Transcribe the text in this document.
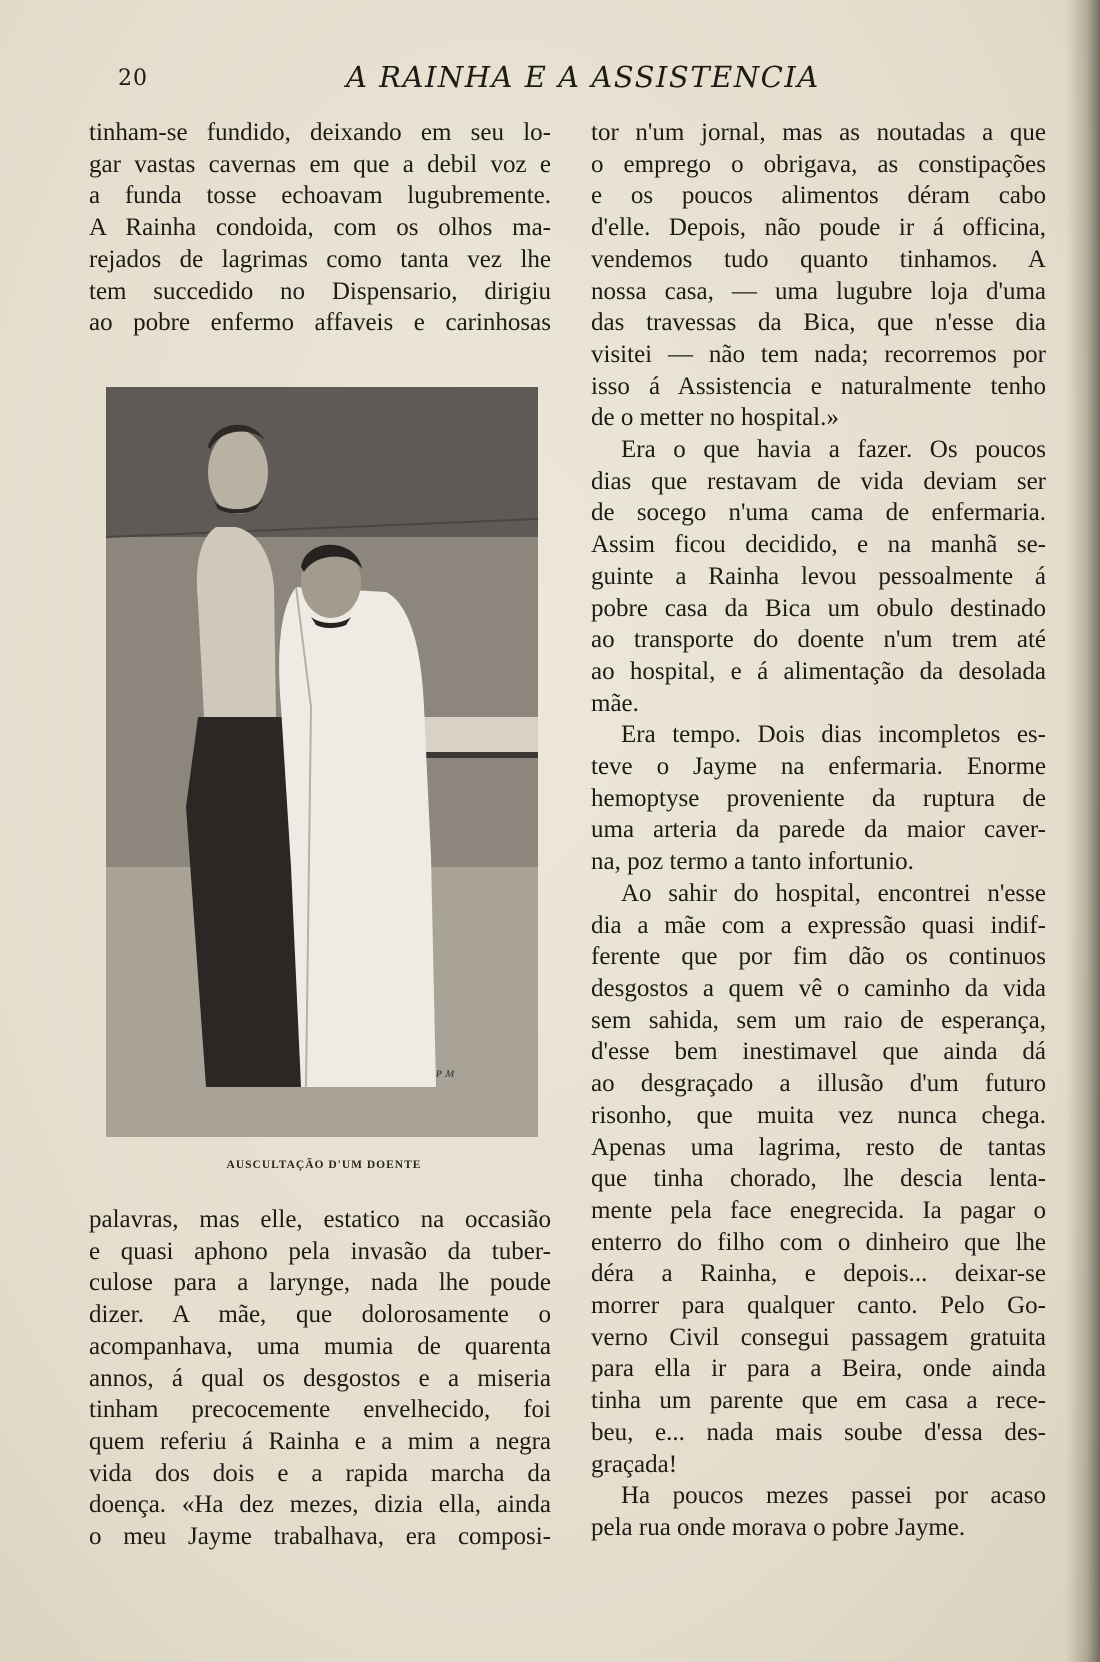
20	A RAINHA E A ASSISTENCIA
tinham-se fundido, deixando em seu lo-
gar vastas cavernas em que a debil voz e
a funda tosse echoavam lugubremente.
A Rainha condoida, com os olhos ma-
rejados de lagrimas como tanta vez lhe
tem succedido no Dispensario, dirigiu
ao pobre enfermo affaveis e carinhosas
ᴘ ᴍ
AUSCULTAÇÃO D'UM DOENTE
palavras, mas elle, estatico na occasião
e quasi aphono pela invasão da tuber-
culose para a larynge, nada lhe poude
dizer. A mãe, que dolorosamente o
acompanhava, uma mumia de quarenta
annos, á qual os desgostos e a miseria
tinham precocemente envelhecido, foi
quem referiu á Rainha e a mim a negra
vida dos dois e a rapida marcha da
doença. «Ha dez mezes, dizia ella, ainda
o meu Jayme trabalhava, era composi-

tor n'um jornal, mas as noutadas a que
o emprego o obrigava, as constipações
e os poucos alimentos déram cabo
d'elle. Depois, não poude ir á officina,
vendemos tudo quanto tinhamos. A
nossa casa, — uma lugubre loja d'uma
das travessas da Bica, que n'esse dia
visitei — não tem nada; recorremos por
isso á Assistencia e naturalmente tenho
de o metter no hospital.»

Era o que havia a fazer. Os poucos
dias que restavam de vida deviam ser
de socego n'uma cama de enfermaria.
Assim ficou decidido, e na manhã se-
guinte a Rainha levou pessoalmente á
pobre casa da Bica um obulo destinado
ao transporte do doente n'um trem até
ao hospital, e á alimentação da desolada
mãe.

Era tempo. Dois dias incompletos es-
teve o Jayme na enfermaria. Enorme
hemoptyse proveniente da ruptura de
uma arteria da parede da maior caver-
na, poz termo a tanto infortunio.

Ao sahir do hospital, encontrei n'esse
dia a mãe com a expressão quasi indif-
ferente que por fim dão os continuos
desgostos a quem vê o caminho da vida
sem sahida, sem um raio de esperança,
d'esse bem inestimavel que ainda dá
ao desgraçado a illusão d'um futuro
risonho, que muita vez nunca chega.
Apenas uma lagrima, resto de tantas
que tinha chorado, lhe descia lenta-
mente pela face enegrecida. Ia pagar o
enterro do filho com o dinheiro que lhe
déra a Rainha, e depois... deixar-se
morrer para qualquer canto. Pelo Go-
verno Civil consegui passagem gratuita
para ella ir para a Beira, onde ainda
tinha um parente que em casa a rece-
beu, e... nada mais soube d'essa des-
graçada!

Ha poucos mezes passei por acaso
pela rua onde morava o pobre Jayme.
